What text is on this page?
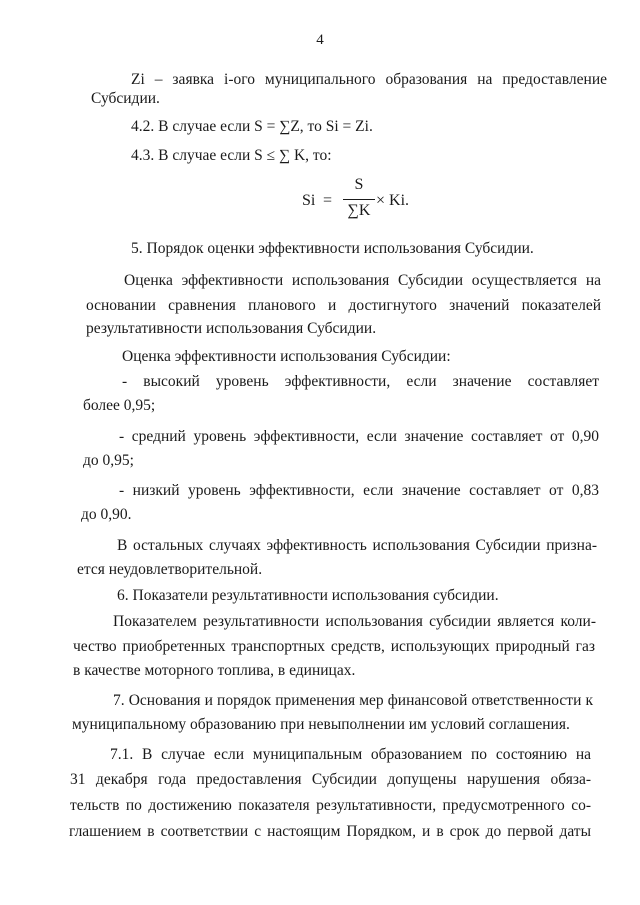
4
Zi – заявка i-ого муниципального образования на предоставление
Субсидии.
4.2. В случае если S = ∑Z, то Si = Zi.
4.3. В случае если S ≤ ∑ K, то:
5. Порядок оценки эффективности использования Субсидии.
Оценка эффективности использования Субсидии осуществляется на
основании сравнения планового и достигнутого значений показателей
результативности использования Субсидии.
Оценка эффективности использования Субсидии:
- высокий уровень эффективности, если значение составляет
более 0,95;
- средний уровень эффективности, если значение составляет от 0,90
до 0,95;
- низкий уровень эффективности, если значение составляет от 0,83
до 0,90.
В остальных случаях эффективность использования Субсидии призна-
ется неудовлетворительной.
6. Показатели результативности использования субсидии.
Показателем результативности использования субсидии является коли-
чество приобретенных транспортных средств, использующих природный газ
в качестве моторного топлива, в единицах.
7. Основания и порядок применения мер финансовой ответственности к
муниципальному образованию при невыполнении им условий соглашения.
7.1. В случае если муниципальным образованием по состоянию на
31 декабря года предоставления Субсидии допущены нарушения обяза-
тельств по достижению показателя результативности, предусмотренного со-
глашением в соответствии с настоящим Порядком, и в срок до первой даты
Si =
S
∑K
× Ki.
